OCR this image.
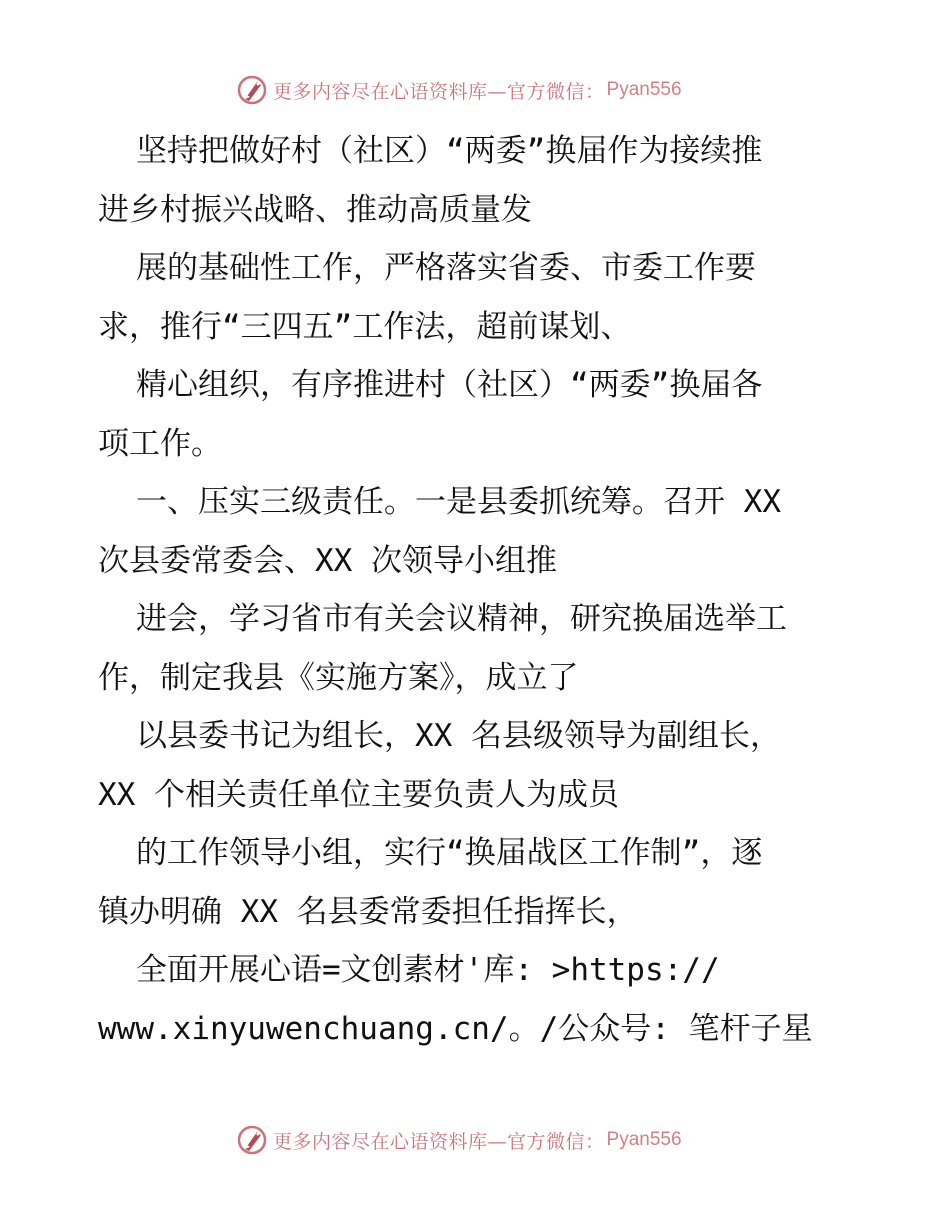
更多内容尽在心语资料库—官方微信： Pyan556
坚持把做好村（社区）“两委”换届作为接续推
进乡村振兴战略、推动高质量发
展的基础性工作，严格落实省委、市委工作要
求，推行“三四五”工作法，超前谋划、
精心组织，有序推进村（社区）“两委”换届各
项工作。
一、压实三级责任。一是县委抓统筹。召开 XX
次县委常委会、XX 次领导小组推
进会，学习省市有关会议精神，研究换届选举工
作，制定我县《实施方案》，成立了
以县委书记为组长，XX 名县级领导为副组长，
XX 个相关责任单位主要负责人为成员
的工作领导小组，实行“换届战区工作制”，逐
镇办明确 XX 名县委常委担任指挥长，
全面开展心语=文创素材'库: >https://
www.xinyuwenchuang.cn/。/公众号: 笔杆子星
更多内容尽在心语资料库—官方微信： Pyan556
